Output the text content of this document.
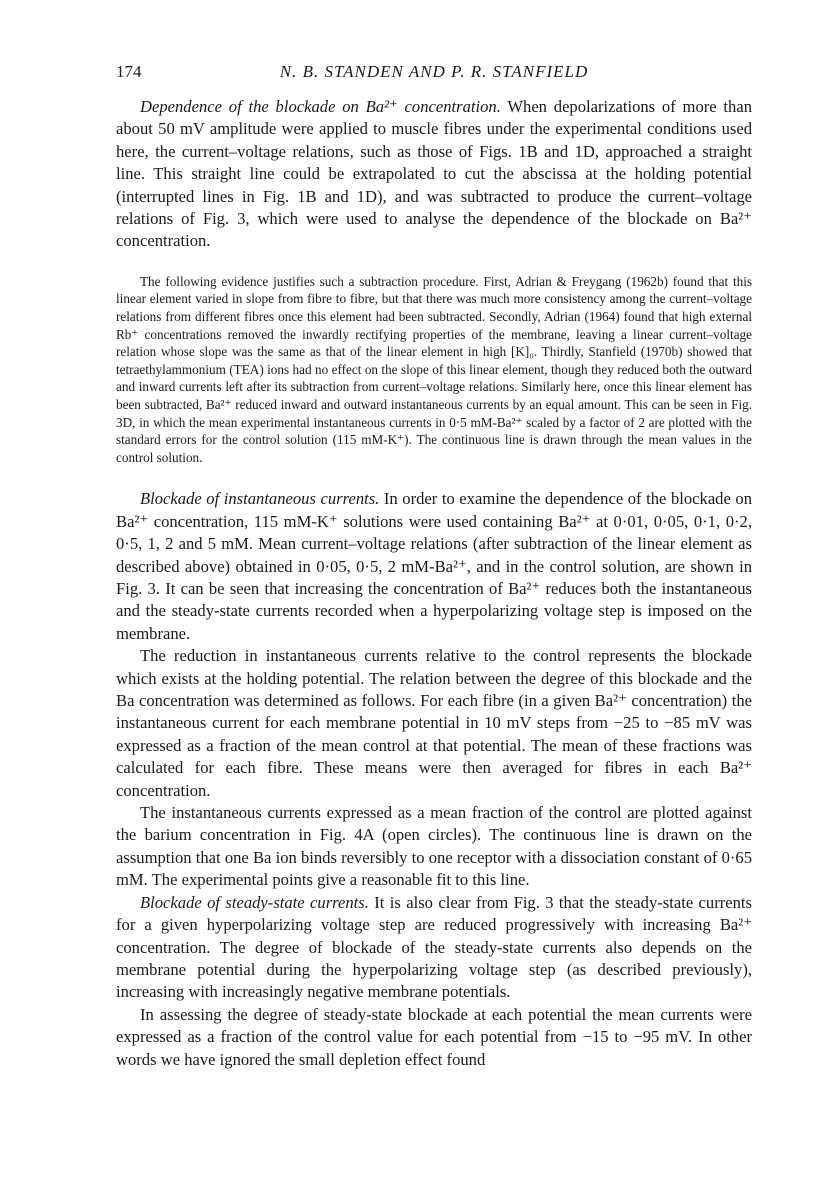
174	N. B. STANDEN AND P. R. STANFIELD

Dependence of the blockade on Ba²⁺ concentration. When depolarizations of more than about 50 mV amplitude were applied to muscle fibres under the experimental conditions used here, the current–voltage relations, such as those of Figs. 1B and 1D, approached a straight line. This straight line could be extrapolated to cut the abscissa at the holding potential (interrupted lines in Fig. 1B and 1D), and was subtracted to produce the current–voltage relations of Fig. 3, which were used to analyse the dependence of the blockade on Ba²⁺ concentration.

The following evidence justifies such a subtraction procedure. First, Adrian & Freygang (1962b) found that this linear element varied in slope from fibre to fibre, but that there was much more consistency among the current–voltage relations from different fibres once this element had been subtracted. Secondly, Adrian (1964) found that high external Rb⁺ concentrations removed the inwardly rectifying properties of the membrane, leaving a linear current–voltage relation whose slope was the same as that of the linear element in high [K]₀. Thirdly, Stanfield (1970b) showed that tetraethylammonium (TEA) ions had no effect on the slope of this linear element, though they reduced both the outward and inward currents left after its subtraction from current–voltage relations. Similarly here, once this linear element has been subtracted, Ba²⁺ reduced inward and outward instantaneous currents by an equal amount. This can be seen in Fig. 3D, in which the mean experimental instantaneous currents in 0·5 mM-Ba²⁺ scaled by a factor of 2 are plotted with the standard errors for the control solution (115 mM-K⁺). The continuous line is drawn through the mean values in the control solution.

Blockade of instantaneous currents. In order to examine the dependence of the blockade on Ba²⁺ concentration, 115 mM-K⁺ solutions were used containing Ba²⁺ at 0·01, 0·05, 0·1, 0·2, 0·5, 1, 2 and 5 mM. Mean current–voltage relations (after subtraction of the linear element as described above) obtained in 0·05, 0·5, 2 mM-Ba²⁺, and in the control solution, are shown in Fig. 3. It can be seen that increasing the concentration of Ba²⁺ reduces both the instantaneous and the steady-state currents recorded when a hyperpolarizing voltage step is imposed on the membrane.

The reduction in instantaneous currents relative to the control represents the blockade which exists at the holding potential. The relation between the degree of this blockade and the Ba concentration was determined as follows. For each fibre (in a given Ba²⁺ concentration) the instantaneous current for each membrane potential in 10 mV steps from −25 to −85 mV was expressed as a fraction of the mean control at that potential. The mean of these fractions was calculated for each fibre. These means were then averaged for fibres in each Ba²⁺ concentration.

The instantaneous currents expressed as a mean fraction of the control are plotted against the barium concentration in Fig. 4A (open circles). The continuous line is drawn on the assumption that one Ba ion binds reversibly to one receptor with a dissociation constant of 0·65 mM. The experimental points give a reasonable fit to this line.

Blockade of steady-state currents. It is also clear from Fig. 3 that the steady-state currents for a given hyperpolarizing voltage step are reduced progressively with increasing Ba²⁺ concentration. The degree of blockade of the steady-state currents also depends on the membrane potential during the hyperpolarizing voltage step (as described previously), increasing with increasingly negative membrane potentials.

In assessing the degree of steady-state blockade at each potential the mean currents were expressed as a fraction of the control value for each potential from −15 to −95 mV. In other words we have ignored the small depletion effect found
